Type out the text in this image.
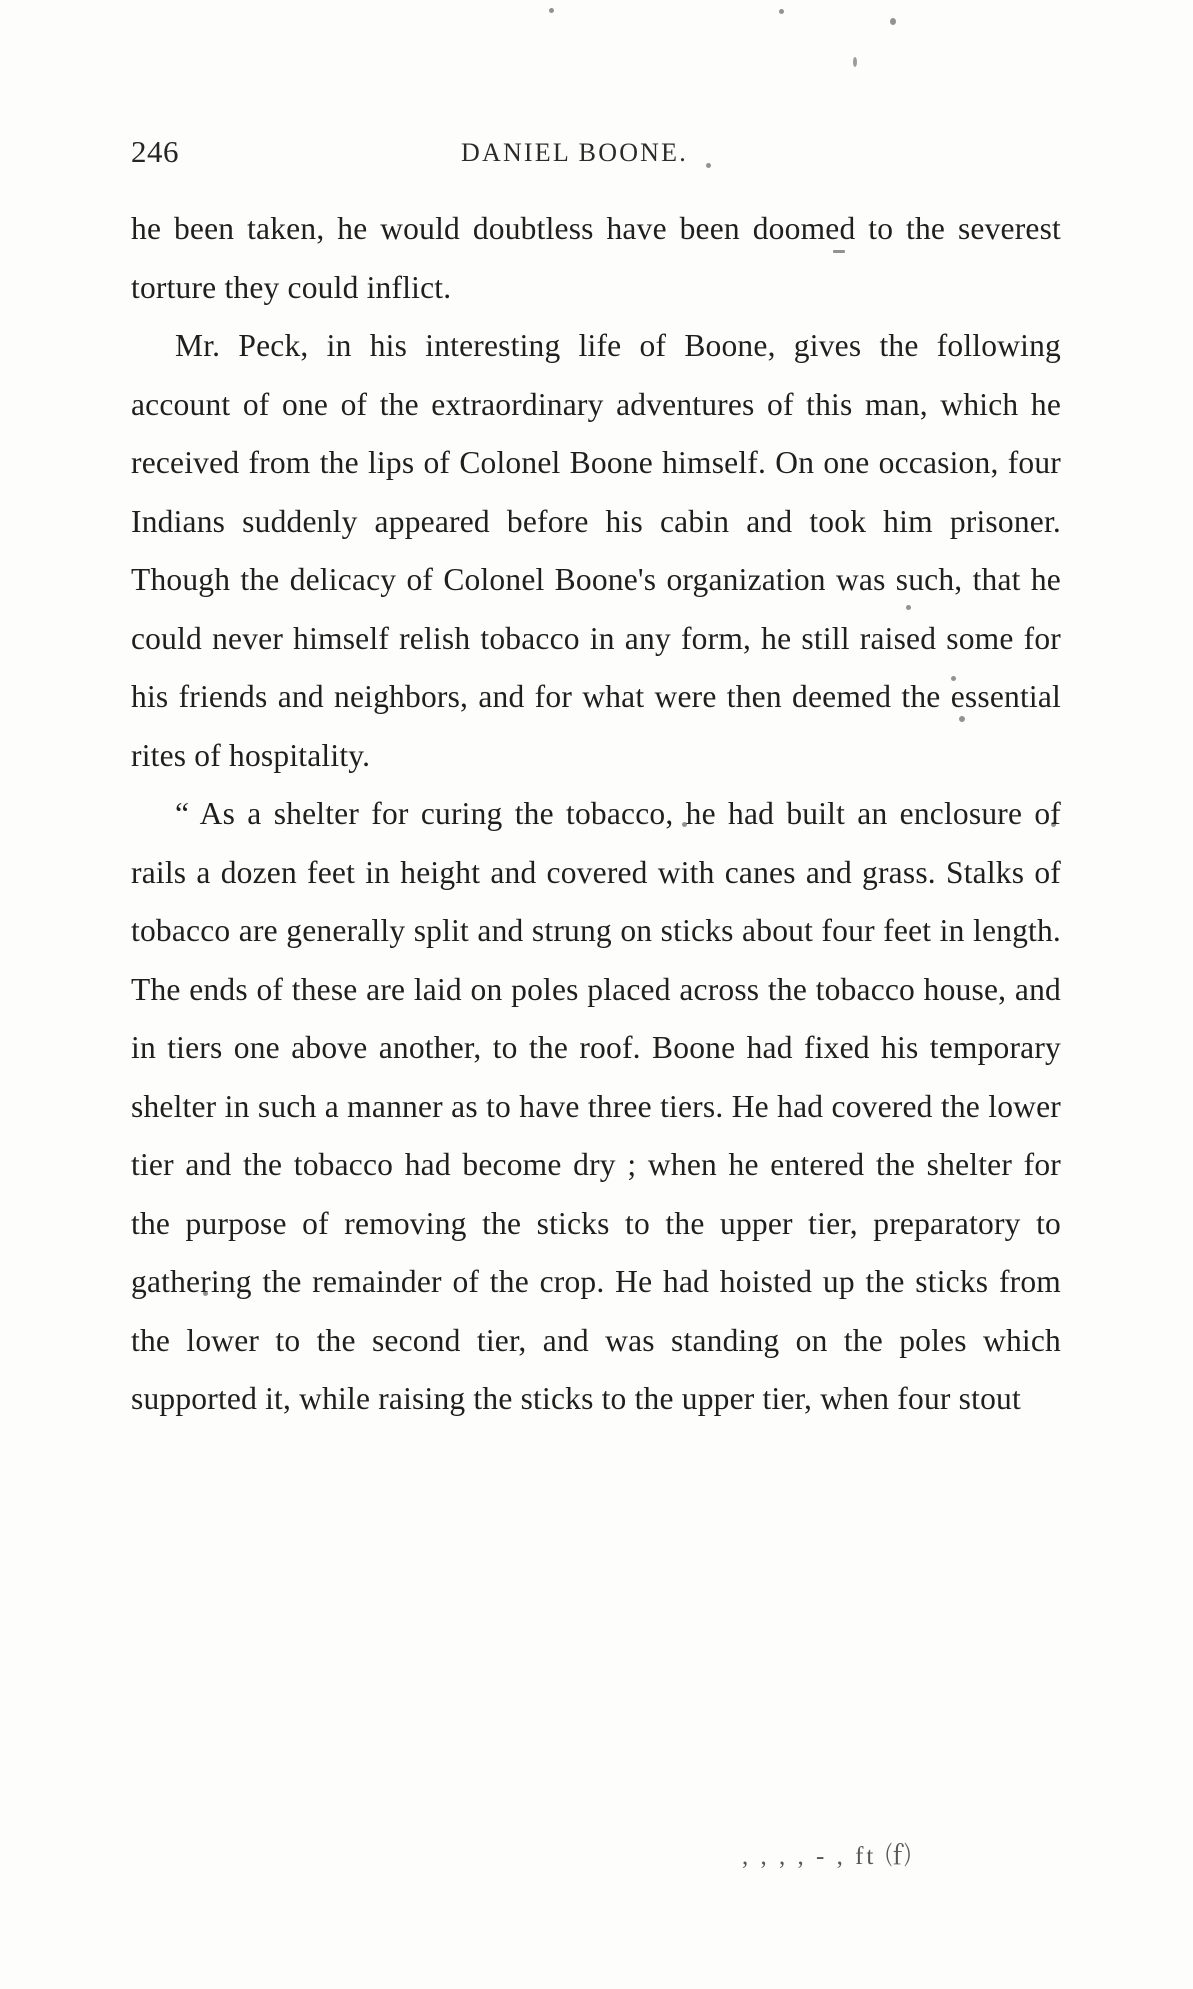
246	DANIEL BOONE.

he been taken, he would doubtless have been doomed to the severest torture they could inflict.

Mr. Peck, in his interesting life of Boone, gives the following account of one of the extraordinary adventures of this man, which he received from the lips of Colonel Boone himself. On one occasion, four Indians suddenly appeared before his cabin and took him prisoner. Though the delicacy of Colonel Boone's organization was such, that he could never himself relish tobacco in any form, he still raised some for his friends and neighbors, and for what were then deemed the essential rites of hospitality.

“ As a shelter for curing the tobacco, he had built an enclosure of rails a dozen feet in height and covered with canes and grass. Stalks of tobacco are generally split and strung on sticks about four feet in length. The ends of these are laid on poles placed across the tobacco house, and in tiers one above another, to the roof. Boone had fixed his temporary shelter in such a manner as to have three tiers. He had covered the lower tier and the tobacco had become dry ; when he entered the shelter for the purpose of removing the sticks to the upper tier, preparatory to gathering the remainder of the crop. He had hoisted up the sticks from the lower to the second tier, and was standing on the poles which supported it, while raising the sticks to the upper tier, when four stout

, , , , - , ft ⒡
